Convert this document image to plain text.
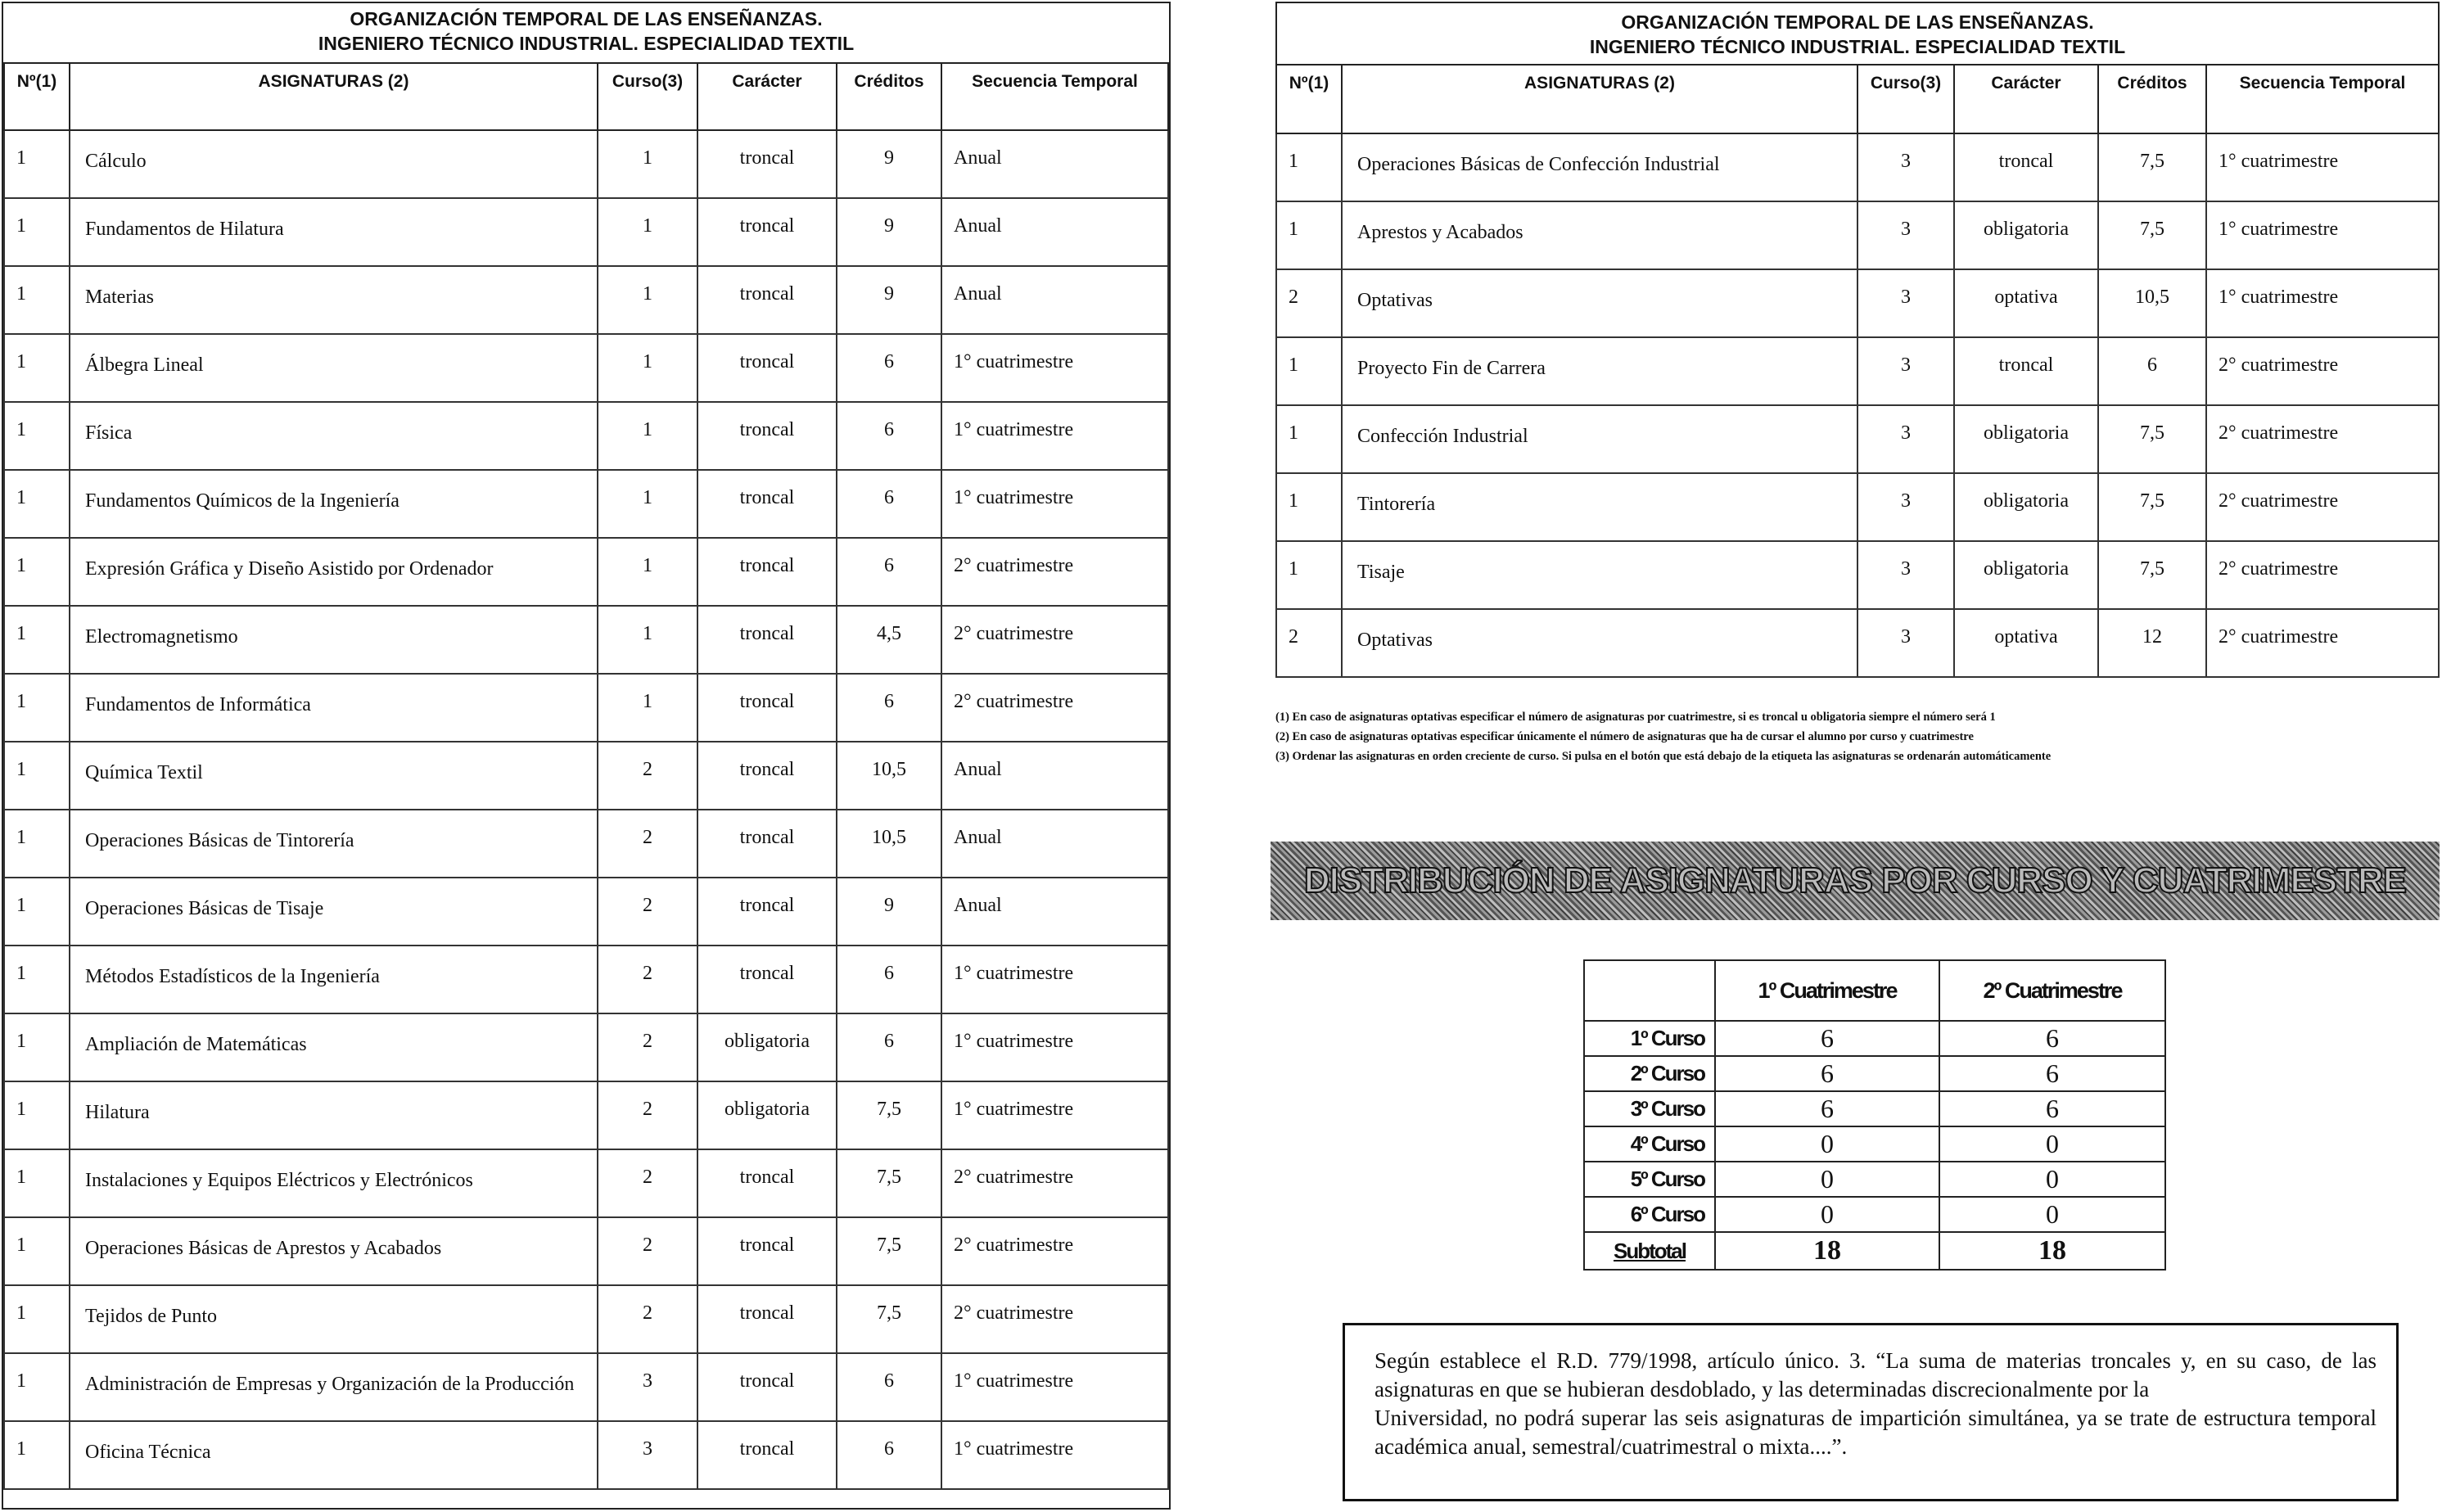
ORGANIZACIÓN TEMPORAL DE LAS ENSEÑANZAS.
INGENIERO TÉCNICO INDUSTRIAL. ESPECIALIDAD TEXTIL
Nº(1)	ASIGNATURAS (2)	Curso(3)	Carácter	Créditos	Secuencia Temporal
1	Cálculo	1	troncal	9	Anual
1	Fundamentos de Hilatura	1	troncal	9	Anual
1	Materias	1	troncal	9	Anual
1	Álbegra Lineal	1	troncal	6	1° cuatrimestre
1	Física	1	troncal	6	1° cuatrimestre
1	Fundamentos Químicos de la Ingeniería	1	troncal	6	1° cuatrimestre
1	Expresión Gráfica y Diseño Asistido por Ordenador	1	troncal	6	2° cuatrimestre
1	Electromagnetismo	1	troncal	4,5	2° cuatrimestre
1	Fundamentos de Informática	1	troncal	6	2° cuatrimestre
1	Química Textil	2	troncal	10,5	Anual
1	Operaciones Básicas de Tintorería	2	troncal	10,5	Anual
1	Operaciones Básicas de Tisaje	2	troncal	9	Anual
1	Métodos Estadísticos de la Ingeniería	2	troncal	6	1° cuatrimestre
1	Ampliación de Matemáticas	2	obligatoria	6	1° cuatrimestre
1	Hilatura	2	obligatoria	7,5	1° cuatrimestre
1	Instalaciones y Equipos Eléctricos y Electrónicos	2	troncal	7,5	2° cuatrimestre
1	Operaciones Básicas de Aprestos y Acabados	2	troncal	7,5	2° cuatrimestre
1	Tejidos de Punto	2	troncal	7,5	2° cuatrimestre
1	Administración de Empresas y Organización de la Producción	3	troncal	6	1° cuatrimestre
1	Oficina Técnica	3	troncal	6	1° cuatrimestre
ORGANIZACIÓN TEMPORAL DE LAS ENSEÑANZAS.
INGENIERO TÉCNICO INDUSTRIAL. ESPECIALIDAD TEXTIL
Nº(1)	ASIGNATURAS (2)	Curso(3)	Carácter	Créditos	Secuencia Temporal
1	Operaciones Básicas de Confección Industrial	3	troncal	7,5	1° cuatrimestre
1	Aprestos y Acabados	3	obligatoria	7,5	1° cuatrimestre
2	Optativas	3	optativa	10,5	1° cuatrimestre
1	Proyecto Fin de Carrera	3	troncal	6	2° cuatrimestre
1	Confección Industrial	3	obligatoria	7,5	2° cuatrimestre
1	Tintorería	3	obligatoria	7,5	2° cuatrimestre
1	Tisaje	3	obligatoria	7,5	2° cuatrimestre
2	Optativas	3	optativa	12	2° cuatrimestre
(1) En caso de asignaturas optativas especificar el número de asignaturas por cuatrimestre, si es troncal u obligatoria siempre el número será 1
(2) En caso de asignaturas optativas especificar únicamente el número de asignaturas que ha de cursar el alumno por curso y cuatrimestre
(3) Ordenar las asignaturas en orden creciente de curso. Si pulsa en el botón que está debajo de la etiqueta las asignaturas se ordenarán automáticamente
DISTRIBUCIÓN DE ASIGNATURAS POR CURSO Y CUATRIMESTRE
	1º Cuatrimestre	2º Cuatrimestre
1º Curso	6	6
2º Curso	6	6
3º Curso	6	6
4º Curso	0	0
5º Curso	0	0
6º Curso	0	0
Subtotal	18	18
Según establece el R.D. 779/1998, artículo único. 3. “La suma de materias troncales y, en su caso, de las asignaturas en que se hubieran desdoblado, y las determinadas discrecionalmente por la
Universidad, no podrá superar las seis asignaturas de impartición simultánea, ya se trate de estructura temporal académica anual, semestral/cuatrimestral o mixta....”.
